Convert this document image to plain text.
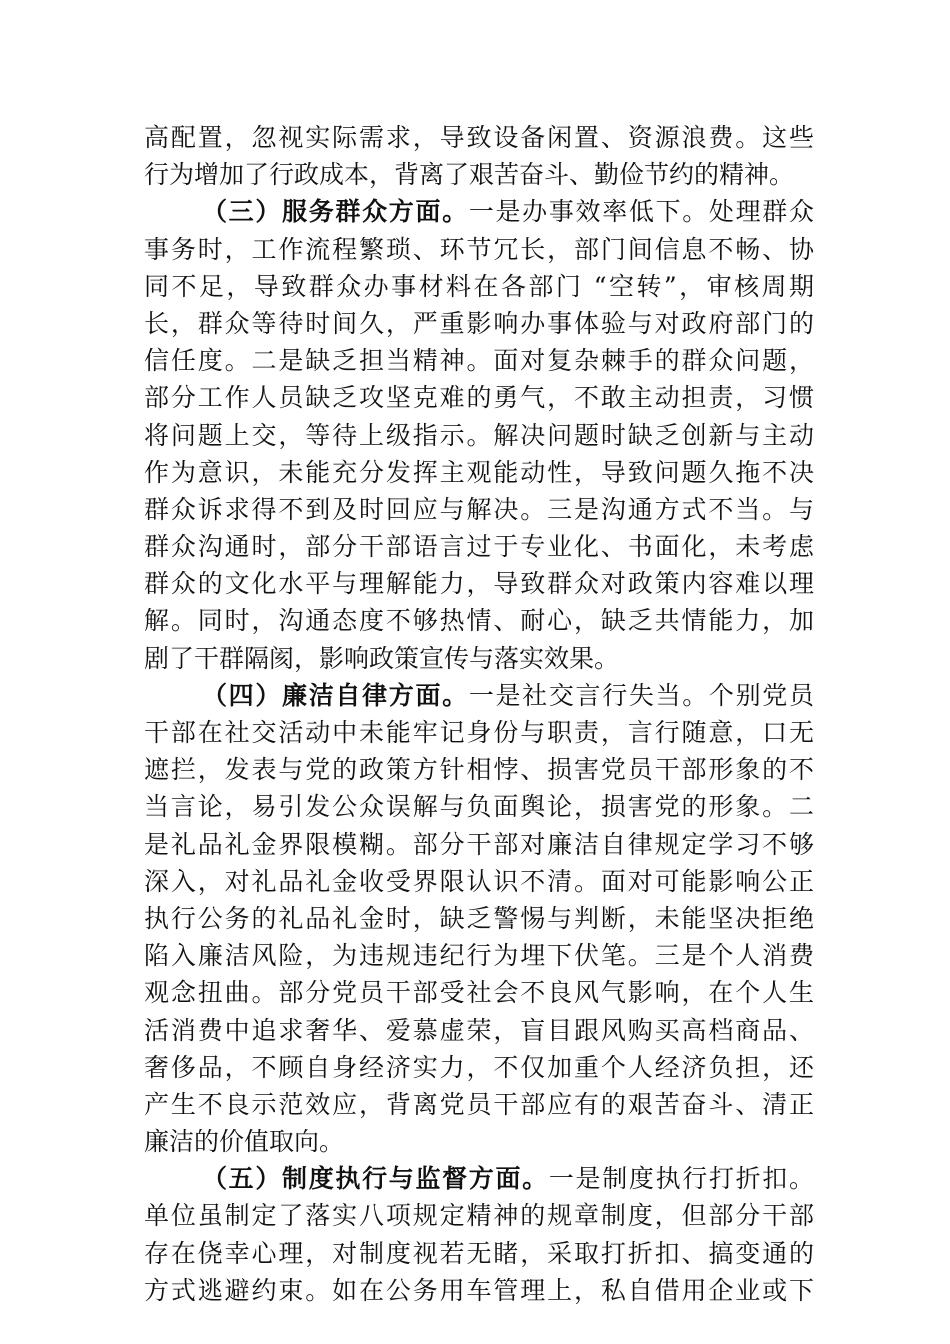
高配置，忽视实际需求，导致设备闲置、资源浪费。这些
行为增加了行政成本，背离了艰苦奋斗、勤俭节约的精神。
（三）服务群众方面。一是办事效率低下。处理群众
事务时，工作流程繁琐、环节冗长，部门间信息不畅、协
同不足，导致群众办事材料在各部门 “空转”，审核周期
长，群众等待时间久，严重影响办事体验与对政府部门的
信任度。二是缺乏担当精神。面对复杂棘手的群众问题，
部分工作人员缺乏攻坚克难的勇气，不敢主动担责，习惯
将问题上交，等待上级指示。解决问题时缺乏创新与主动
作为意识，未能充分发挥主观能动性，导致问题久拖不决
群众诉求得不到及时回应与解决。三是沟通方式不当。与
群众沟通时，部分干部语言过于专业化、书面化，未考虑
群众的文化水平与理解能力，导致群众对政策内容难以理
解。同时，沟通态度不够热情、耐心，缺乏共情能力，加
剧了干群隔阂，影响政策宣传与落实效果。
（四）廉洁自律方面。一是社交言行失当。个别党员
干部在社交活动中未能牢记身份与职责，言行随意，口无
遮拦，发表与党的政策方针相悖、损害党员干部形象的不
当言论，易引发公众误解与负面舆论，损害党的形象。二
是礼品礼金界限模糊。部分干部对廉洁自律规定学习不够
深入，对礼品礼金收受界限认识不清。面对可能影响公正
执行公务的礼品礼金时，缺乏警惕与判断，未能坚决拒绝
陷入廉洁风险，为违规违纪行为埋下伏笔。三是个人消费
观念扭曲。部分党员干部受社会不良风气影响，在个人生
活消费中追求奢华、爱慕虚荣，盲目跟风购买高档商品、
奢侈品，不顾自身经济实力，不仅加重个人经济负担，还
产生不良示范效应，背离党员干部应有的艰苦奋斗、清正
廉洁的价值取向。
（五）制度执行与监督方面。一是制度执行打折扣。
单位虽制定了落实八项规定精神的规章制度，但部分干部
存在侥幸心理，对制度视若无睹，采取打折扣、搞变通的
方式逃避约束。如在公务用车管理上，私自借用企业或下
